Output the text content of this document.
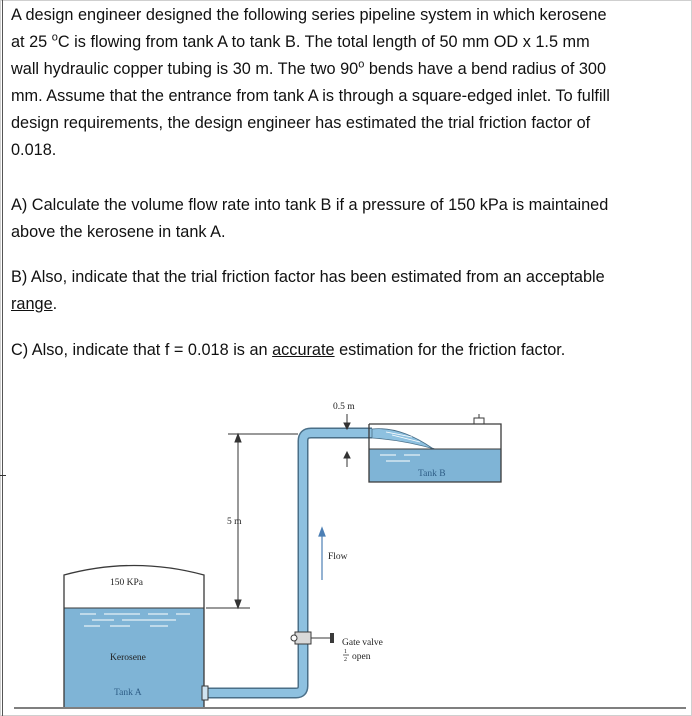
A design engineer designed the following series pipeline system in which kerosene
at 25 $^o$C is flowing from tank A to tank B. The total length of 50 mm OD x 1.5 mm
wall hydraulic copper tubing is 30 m. The two 90$^o$ bends have a bend radius of 300
mm. Assume that the entrance from tank A is through a square-edged inlet. To fulfill
design requirements, the design engineer has estimated the trial friction factor of
0.018.

A) Calculate the volume flow rate into tank B if a pressure of 150 kPa is maintained
above the kerosene in tank A.

B) Also, indicate that the trial friction factor has been estimated from an acceptable
range.

C) Also, indicate that f = 0.018 is an accurate estimation for the friction factor.

0.5 m
5 m
150 KPa
Kerosene
Tank A
Tank B
Flow
Gate valve
1
2 open
